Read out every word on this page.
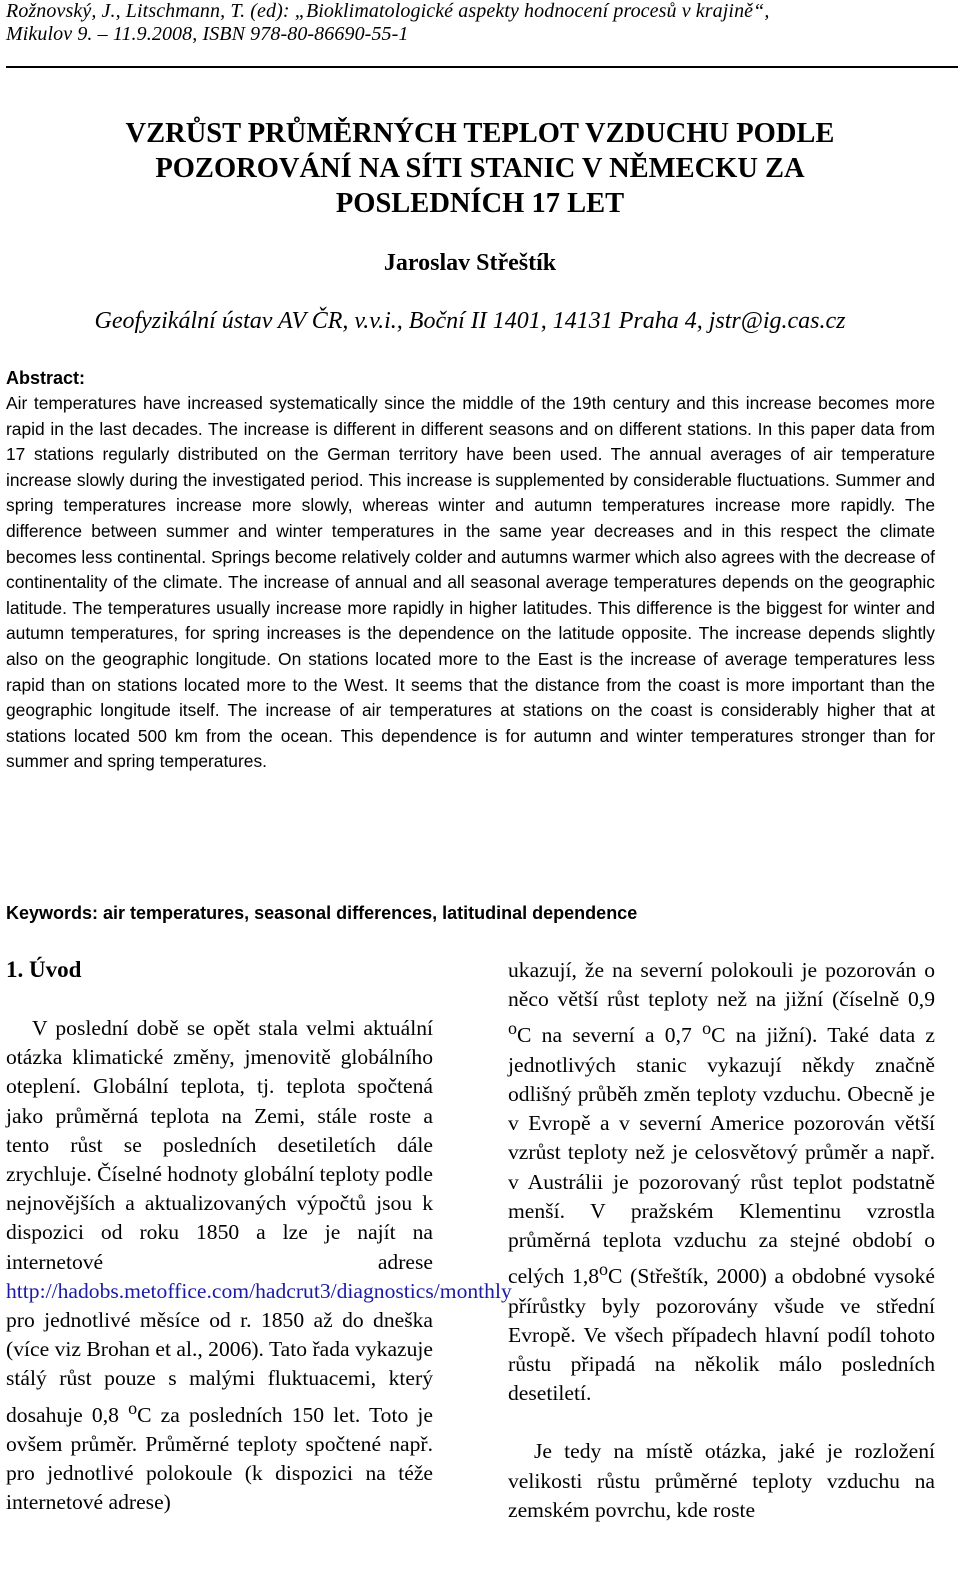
Rožnovský, J., Litschmann, T. (ed): „Bioklimatologické aspekty hodnocení procesů v krajině“,
Mikulov 9. – 11.9.2008, ISBN 978-80-86690-55-1
VZRŮST PRŮMĚRNÝCH TEPLOT VZDUCHU PODLE
POZOROVÁNÍ NA SÍTI STANIC V NĚMECKU ZA
POSLEDNÍCH 17 LET
Jaroslav Střeštík
Geofyzikální ústav AV ČR, v.v.i., Boční II 1401, 14131 Praha 4, jstr@ig.cas.cz
Abstract:

Air temperatures have increased systematically since the middle of the 19th century and this increase becomes more rapid in the last decades. The increase is different in different seasons and on different stations. In this paper data from 17 stations regularly distributed on the German territory have been used. The annual averages of air temperature increase slowly during the investigated period. This increase is supplemented by considerable fluctuations. Summer and spring temperatures increase more slowly, whereas winter and autumn temperatures increase more rapidly. The difference between summer and winter temperatures in the same year decreases and in this respect the climate becomes less continental. Springs become relatively colder and autumns warmer which also agrees with the decrease of continentality of the climate. The increase of annual and all seasonal average temperatures depends on the geographic latitude. The temperatures usually increase more rapidly in higher latitudes. This difference is the biggest for winter and autumn temperatures, for spring increases is the dependence on the latitude opposite. The increase depends slightly also on the geographic longitude. On stations located more to the East is the increase of average temperatures less rapid than on stations located more to the West. It seems that the distance from the coast is more important than the geographic longitude itself. The increase of air temperatures at stations on the coast is considerably higher that at stations located 500 km from the ocean. This dependence is for autumn and winter temperatures stronger than for summer and spring temperatures.

Keywords: air temperatures, seasonal differences, latitudinal dependence
1. Úvod

V poslední době se opět stala velmi aktuální otázka klimatické změny, jmenovitě globálního oteplení. Globální teplota, tj. teplota spočtená jako průměrná teplota na Zemi, stále roste a tento růst se posledních desetiletích dále zrychluje. Číselné hodnoty globální teploty podle nejnovějších a aktualizovaných výpočtů jsou k dispozici od roku 1850 a lze je najít na internetové adrese http://hadobs.metoffice.com/hadcrut3/diagnostics/monthly pro jednotlivé měsíce od r. 1850 až do dneška (více viz Brohan et al., 2006). Tato řada vykazuje stálý růst pouze s malými fluktuacemi, který dosahuje 0,8 $^o$C za posledních 150 let. Toto je ovšem průměr. Průměrné teploty spočtené např. pro jednotlivé polokoule (k dispozici na téže internetové adrese)

ukazují, že na severní polokouli je pozorován o něco větší růst teploty než na jižní (číselně 0,9 $^o$C na severní a 0,7 $^o$C na jižní). Také data z jednotlivých stanic vykazují někdy značně odlišný průběh změn teploty vzduchu. Obecně je v Evropě a v severní Americe pozorován větší vzrůst teploty než je celosvětový průměr a např. v Austrálii je pozorovaný růst teplot podstatně menší. V pražském Klementinu vzrostla průměrná teplota vzduchu za stejné období o celých 1,8$^o$C (Střeštík, 2000) a obdobné vysoké přírůstky byly pozorovány všude ve střední Evropě. Ve všech případech hlavní podíl tohoto růstu připadá na několik málo posledních desetiletí.

Je tedy na místě otázka, jaké je rozložení velikosti růstu průměrné teploty vzduchu na zemském povrchu, kde roste
